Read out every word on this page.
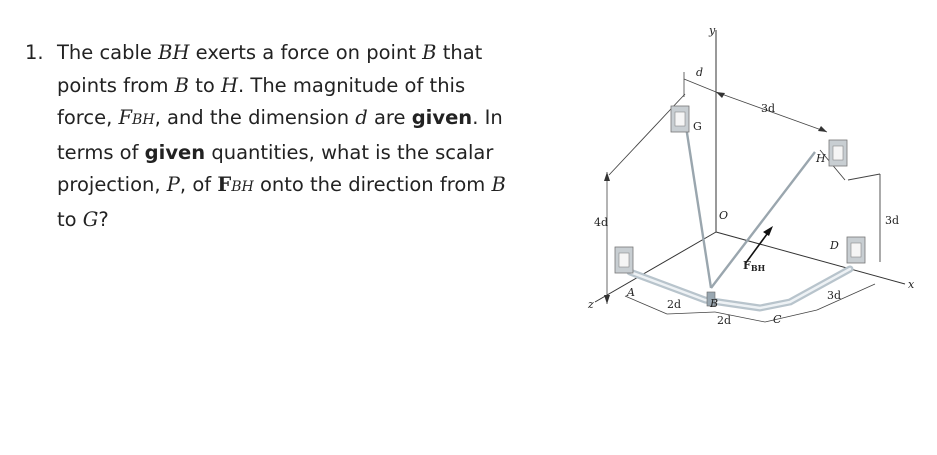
1. The cable BH exerts a force on point B that
points from B to H. The magnitude of this
force, FBH, and the dimension d are given. In
terms of given quantities, what is the scalar
projection, P, of FBH onto the direction from B
to G?
y
x
z
d
G
3d
H
O
4d	3d
D
FBH
A
2d	B
2d	C
3d
